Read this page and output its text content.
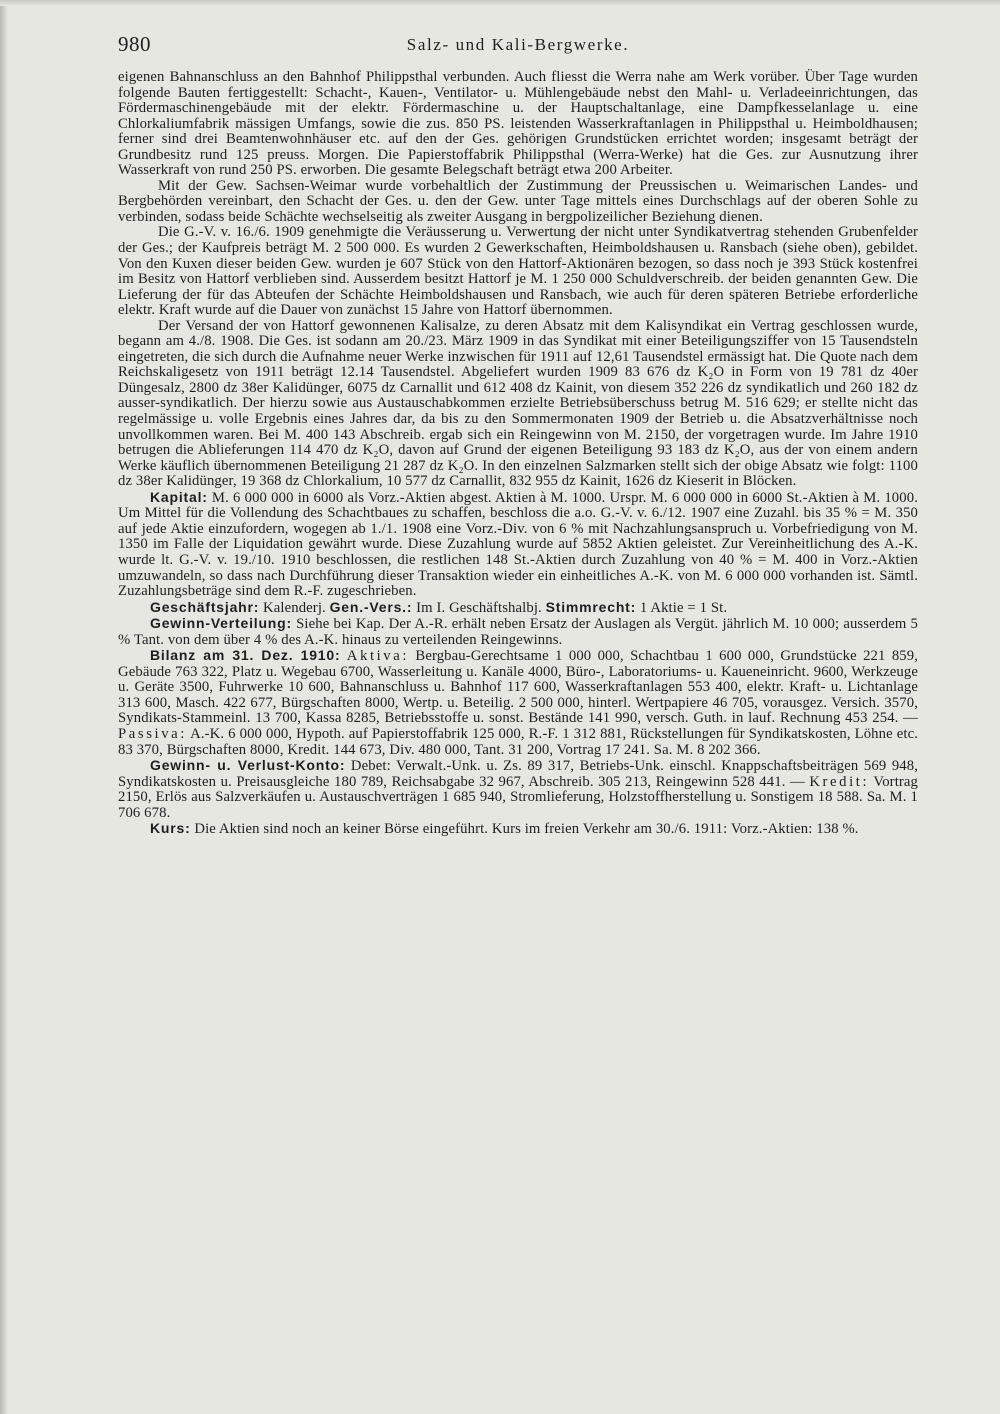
980	Salz- und Kali-Bergwerke.

eigenen Bahnanschluss an den Bahnhof Philippsthal verbunden. Auch fliesst die Werra nahe am Werk vorüber. Über Tage wurden folgende Bauten fertiggestellt: Schacht-, Kauen-, Ventilator- u. Mühlengebäude nebst den Mahl- u. Verladeeinrichtungen, das Fördermaschinengebäude mit der elektr. Fördermaschine u. der Hauptschaltanlage, eine Dampfkesselanlage u. eine Chlorkaliumfabrik mässigen Umfangs, sowie die zus. 850 PS. leistenden Wasserkraftanlagen in Philippsthal u. Heimboldhausen; ferner sind drei Beamtenwohnhäuser etc. auf den der Ges. gehörigen Grundstücken errichtet worden; insgesamt beträgt der Grundbesitz rund 125 preuss. Morgen. Die Papierstoffabrik Philippsthal (Werra-Werke) hat die Ges. zur Ausnutzung ihrer Wasserkraft von rund 250 PS. erworben. Die gesamte Belegschaft beträgt etwa 200 Arbeiter.

Mit der Gew. Sachsen-Weimar wurde vorbehaltlich der Zustimmung der Preussischen u. Weimarischen Landes- und Bergbehörden vereinbart, den Schacht der Ges. u. den der Gew. unter Tage mittels eines Durchschlags auf der oberen Sohle zu verbinden, sodass beide Schächte wechselseitig als zweiter Ausgang in bergpolizeilicher Beziehung dienen.

Die G.-V. v. 16./6. 1909 genehmigte die Veräusserung u. Verwertung der nicht unter Syndikatvertrag stehenden Grubenfelder der Ges.; der Kaufpreis beträgt M. 2 500 000. Es wurden 2 Gewerkschaften, Heimboldshausen u. Ransbach (siehe oben), gebildet. Von den Kuxen dieser beiden Gew. wurden je 607 Stück von den Hattorf-Aktionären bezogen, so dass noch je 393 Stück kostenfrei im Besitz von Hattorf verblieben sind. Ausserdem besitzt Hattorf je M. 1 250 000 Schuldverschreib. der beiden genannten Gew. Die Lieferung der für das Abteufen der Schächte Heimboldshausen und Ransbach, wie auch für deren späteren Betriebe erforderliche elektr. Kraft wurde auf die Dauer von zunächst 15 Jahre von Hattorf übernommen.

Der Versand der von Hattorf gewonnenen Kalisalze, zu deren Absatz mit dem Kalisyndikat ein Vertrag geschlossen wurde, begann am 4./8. 1908. Die Ges. ist sodann am 20./23. März 1909 in das Syndikat mit einer Beteiligungsziffer von 15 Tausendsteln eingetreten, die sich durch die Aufnahme neuer Werke inzwischen für 1911 auf 12,61 Tausendstel ermässigt hat. Die Quote nach dem Reichskaligesetz von 1911 beträgt 12.14 Tausendstel. Abgeliefert wurden 1909 83 676 dz K₂O in Form von 19 781 dz 40er Düngesalz, 2800 dz 38er Kalidünger, 6075 dz Carnallit und 612 408 dz Kainit, von diesem 352 226 dz syndikatlich und 260 182 dz ausser-syndikatlich. Der hierzu sowie aus Austauschabkommen erzielte Betriebsüberschuss betrug M. 516 629; er stellte nicht das regelmässige u. volle Ergebnis eines Jahres dar, da bis zu den Sommermonaten 1909 der Betrieb u. die Absatzverhältnisse noch unvollkommen waren. Bei M. 400 143 Abschreib. ergab sich ein Reingewinn von M. 2150, der vorgetragen wurde. Im Jahre 1910 betrugen die Ablieferungen 114 470 dz K₂O, davon auf Grund der eigenen Beteiligung 93 183 dz K₂O, aus der von einem andern Werke käuflich übernommenen Beteiligung 21 287 dz K₂O. In den einzelnen Salzmarken stellt sich der obige Absatz wie folgt: 1100 dz 38er Kalidünger, 19 368 dz Chlorkalium, 10 577 dz Carnallit, 832 955 dz Kainit, 1626 dz Kieserit in Blöcken.

Kapital: M. 6 000 000 in 6000 als Vorz.-Aktien abgest. Aktien à M. 1000. Urspr. M. 6 000 000 in 6000 St.-Aktien à M. 1000. Um Mittel für die Vollendung des Schachtbaues zu schaffen, beschloss die a.o. G.-V. v. 6./12. 1907 eine Zuzahl. bis 35 % = M. 350 auf jede Aktie einzufordern, wogegen ab 1./1. 1908 eine Vorz.-Div. von 6 % mit Nachzahlungsanspruch u. Vorbefriedigung von M. 1350 im Falle der Liquidation gewährt wurde. Diese Zuzahlung wurde auf 5852 Aktien geleistet. Zur Vereinheitlichung des A.-K. wurde lt. G.-V. v. 19./10. 1910 beschlossen, die restlichen 148 St.-Aktien durch Zuzahlung von 40 % = M. 400 in Vorz.-Aktien umzuwandeln, so dass nach Durchführung dieser Transaktion wieder ein einheitliches A.-K. von M. 6 000 000 vorhanden ist. Sämtl. Zuzahlungsbeträge sind dem R.-F. zugeschrieben.

Geschäftsjahr: Kalenderj. Gen.-Vers.: Im I. Geschäftshalbj. Stimmrecht: 1 Aktie = 1 St.

Gewinn-Verteilung: Siehe bei Kap. Der A.-R. erhält neben Ersatz der Auslagen als Vergüt. jährlich M. 10 000; ausserdem 5 % Tant. von dem über 4 % des A.-K. hinaus zu verteilenden Reingewinns.

Bilanz am 31. Dez. 1910: Aktiva: Bergbau-Gerechtsame 1 000 000, Schachtbau 1 600 000, Grundstücke 221 859, Gebäude 763 322, Platz u. Wegebau 6700, Wasserleitung u. Kanäle 4000, Büro-, Laboratoriums- u. Kaueneinricht. 9600, Werkzeuge u. Geräte 3500, Fuhrwerke 10 600, Bahnanschluss u. Bahnhof 117 600, Wasserkraftanlagen 553 400, elektr. Kraft- u. Lichtanlage 313 600, Masch. 422 677, Bürgschaften 8000, Wertp. u. Beteilig. 2 500 000, hinterl. Wertpapiere 46 705, vorausgez. Versich. 3570, Syndikats-Stammeinl. 13 700, Kassa 8285, Betriebsstoffe u. sonst. Bestände 141 990, versch. Guth. in lauf. Rechnung 453 254. — Passiva: A.-K. 6 000 000, Hypoth. auf Papierstoffabrik 125 000, R.-F. 1 312 881, Rückstellungen für Syndikatskosten, Löhne etc. 83 370, Bürgschaften 8000, Kredit. 144 673, Div. 480 000, Tant. 31 200, Vortrag 17 241. Sa. M. 8 202 366.

Gewinn- u. Verlust-Konto: Debet: Verwalt.-Unk. u. Zs. 89 317, Betriebs-Unk. einschl. Knappschaftsbeiträgen 569 948, Syndikatskosten u. Preisausgleiche 180 789, Reichsabgabe 32 967, Abschreib. 305 213, Reingewinn 528 441. — Kredit: Vortrag 2150, Erlös aus Salzverkäufen u. Austauschverträgen 1 685 940, Stromlieferung, Holzstoffherstellung u. Sonstigem 18 588. Sa. M. 1 706 678.

Kurs: Die Aktien sind noch an keiner Börse eingeführt. Kurs im freien Verkehr am 30./6. 1911: Vorz.-Aktien: 138 %.
